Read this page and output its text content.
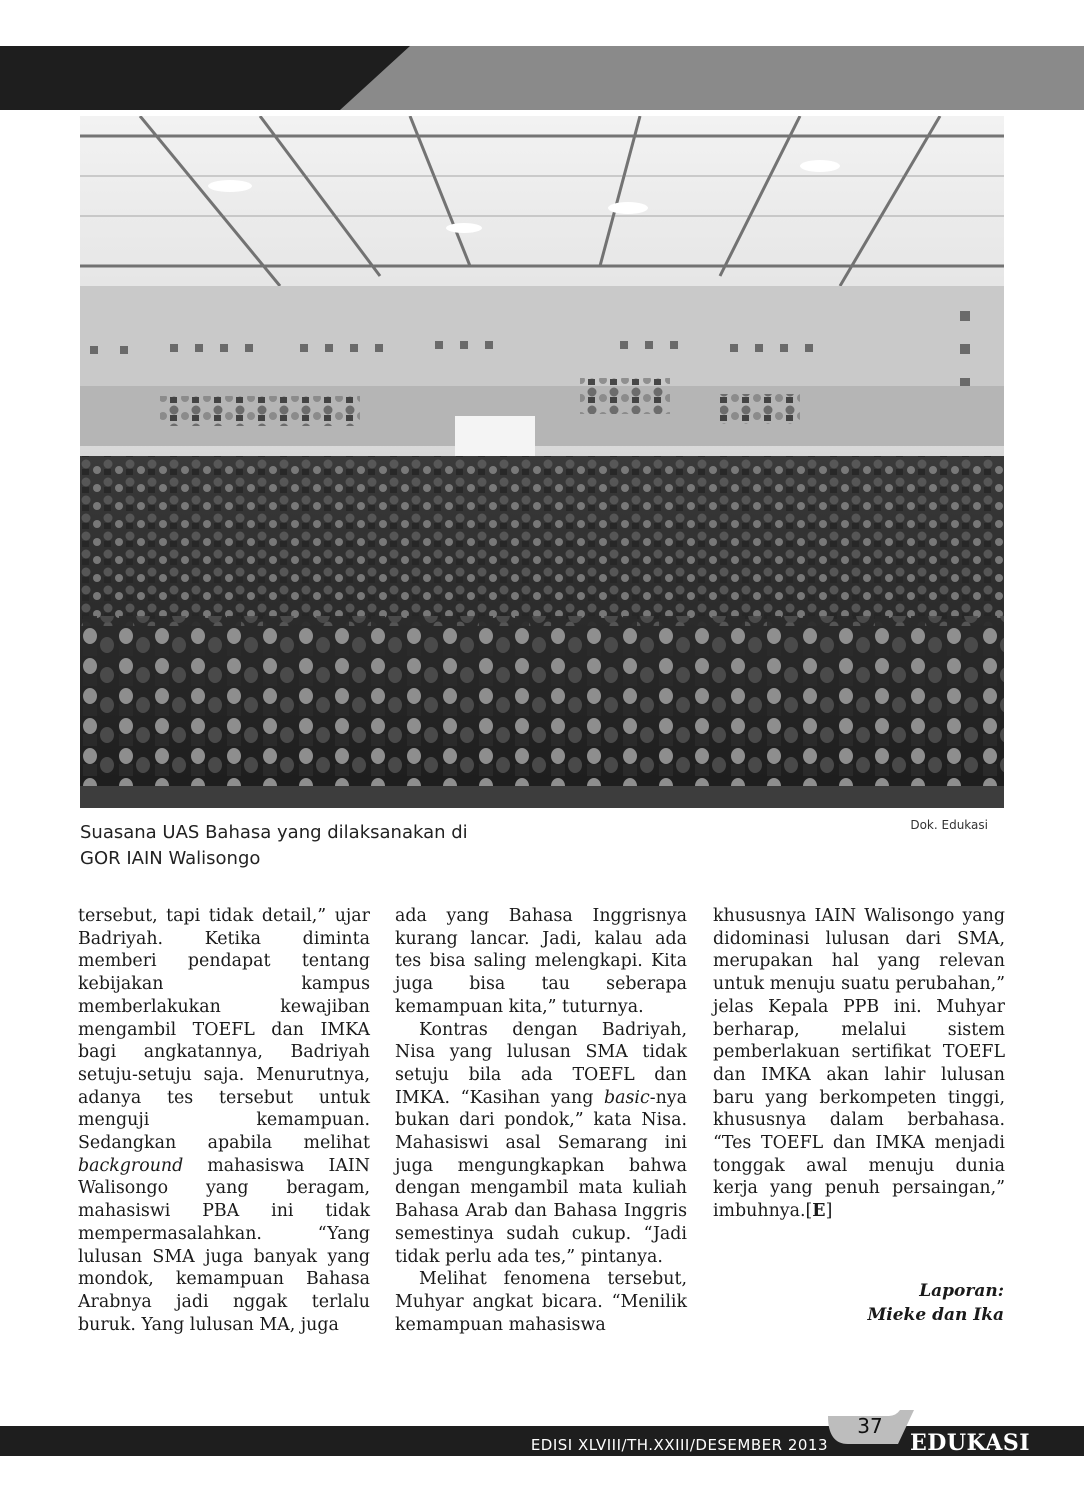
Suasana UAS Bahasa yang dilaksanakan di
GOR IAIN Walisongo
Dok. Edukasi

tersebut, tapi tidak detail,” ujar Badriyah. Ketika diminta memberi pendapat tentang kebijakan kampus memberlakukan kewajiban mengambil TOEFL dan IMKA bagi angkatannya, Badriyah setuju-setuju saja. Menurutnya, adanya tes tersebut untuk menguji kemampuan. Sedangkan apabila melihat background mahasiswa IAIN Walisongo yang beragam, mahasiswi PBA ini tidak mempermasalahkan. “Yang lulusan SMA juga banyak yang mondok, kemampuan Bahasa Arabnya jadi nggak terlalu buruk. Yang lulusan MA, juga

ada yang Bahasa Inggrisnya kurang lancar. Jadi, kalau ada tes bisa saling melengkapi. Kita juga bisa tau seberapa kemampuan kita,” tuturnya.

Kontras dengan Badriyah, Nisa yang lulusan SMA tidak setuju bila ada TOEFL dan IMKA. “Kasihan yang basic-nya bukan dari pondok,” kata Nisa. Mahasiswi asal Semarang ini juga mengungkapkan bahwa dengan mengambil mata kuliah Bahasa Arab dan Bahasa Inggris semestinya sudah cukup. “Jadi tidak perlu ada tes,” pintanya.

Melihat fenomena tersebut, Muhyar angkat bicara. “Menilik kemampuan mahasiswa

khususnya IAIN Walisongo yang didominasi lulusan dari SMA, merupakan hal yang relevan untuk menuju suatu perubahan,” jelas Kepala PPB ini. Muhyar berharap, melalui sistem pemberlakuan sertifikat TOEFL dan IMKA akan lahir lulusan baru yang berkompeten tinggi, khususnya dalam berbahasa. “Tes TOEFL dan IMKA menjadi tonggak awal menuju dunia kerja yang penuh persaingan,” imbuhnya.[E]

Laporan:
Mieke dan Ika
EDISI XLVIII/TH.XXIII/DESEMBER 2013
37
EDUKASI
